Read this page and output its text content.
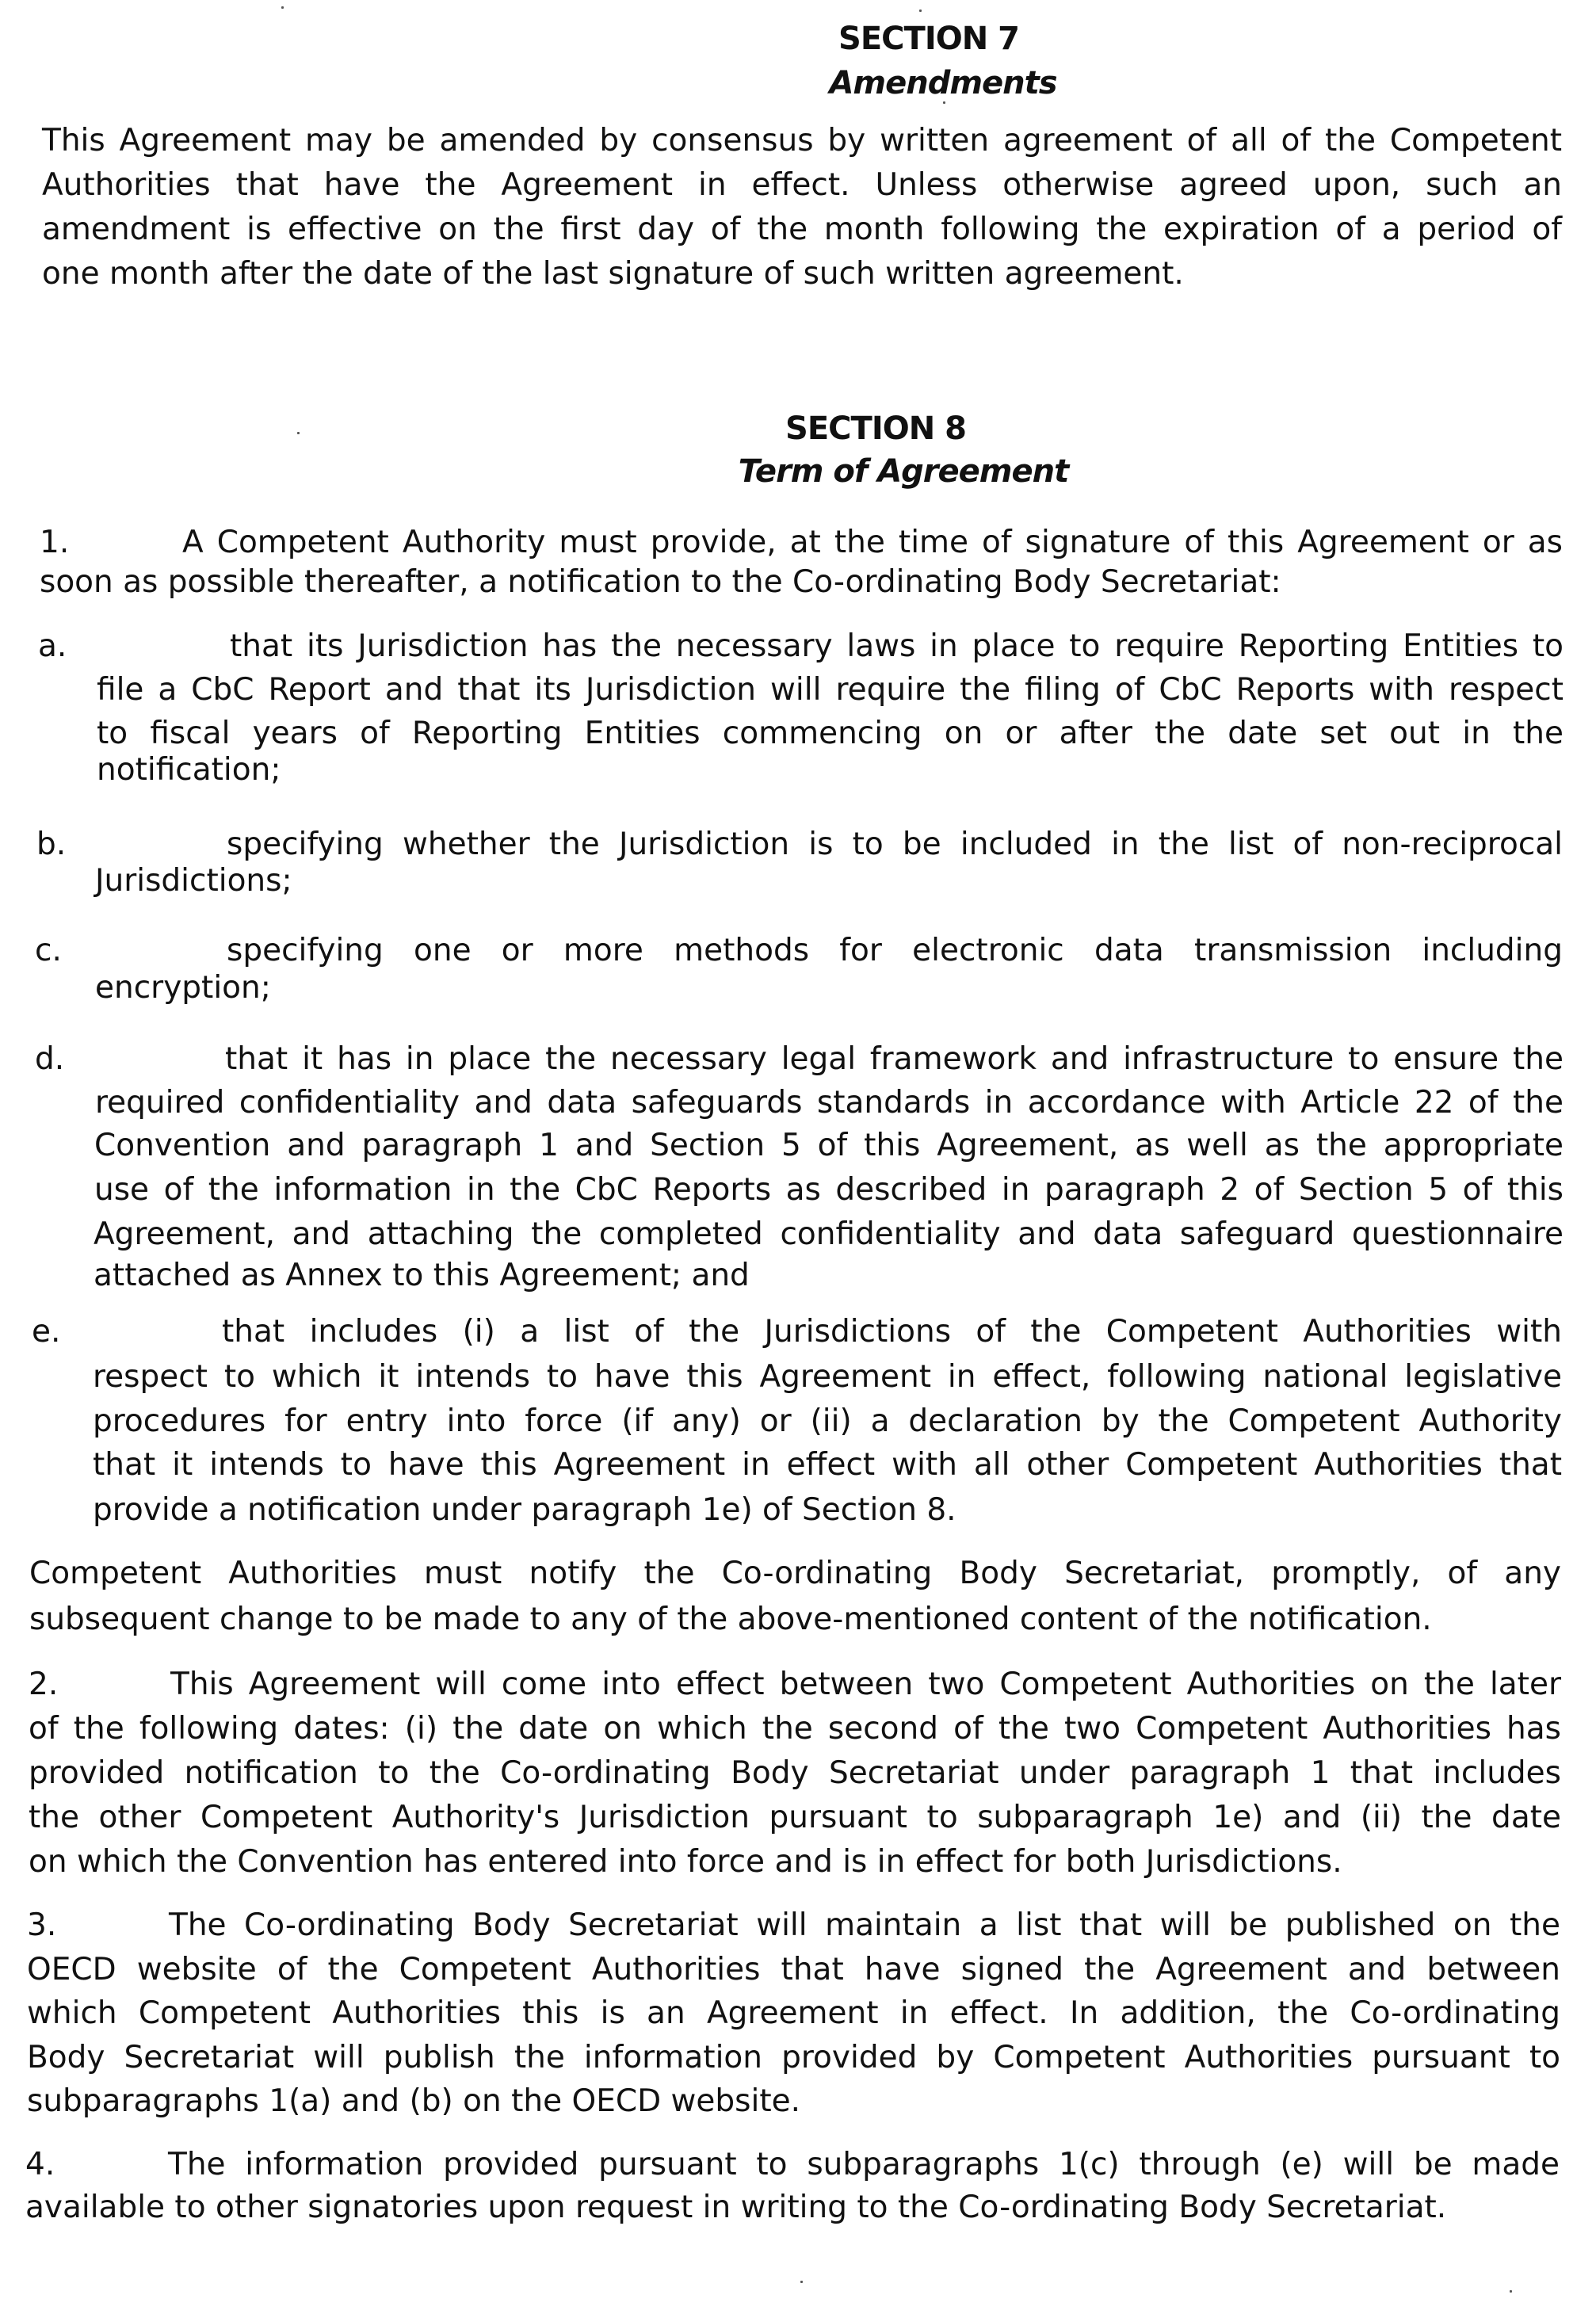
SECTION 7
Amendments
This Agreement may be amended by consensus by written agreement of all of the Competent
Authorities that have the Agreement in effect. Unless otherwise agreed upon, such an
amendment is effective on the first day of the month following the expiration of a period of
one month after the date of the last signature of such written agreement.
SECTION 8
Term of Agreement
1.	A Competent Authority must provide, at the time of signature of this Agreement or as
soon as possible thereafter, a notification to the Co-ordinating Body Secretariat:
a.	that its Jurisdiction has the necessary laws in place to require Reporting Entities to
file a CbC Report and that its Jurisdiction will require the filing of CbC Reports with respect
to fiscal years of Reporting Entities commencing on or after the date set out in the
notification;
b.	specifying whether the Jurisdiction is to be included in the list of non-reciprocal
Jurisdictions;
c.	specifying one or more methods for electronic data transmission including
encryption;
d.	that it has in place the necessary legal framework and infrastructure to ensure the
required confidentiality and data safeguards standards in accordance with Article 22 of the
Convention and paragraph 1 and Section 5 of this Agreement, as well as the appropriate
use of the information in the CbC Reports as described in paragraph 2 of Section 5 of this
Agreement, and attaching the completed confidentiality and data safeguard questionnaire
attached as Annex to this Agreement; and
e.	that includes (i) a list of the Jurisdictions of the Competent Authorities with
respect to which it intends to have this Agreement in effect, following national legislative
procedures for entry into force (if any) or (ii) a declaration by the Competent Authority
that it intends to have this Agreement in effect with all other Competent Authorities that
provide a notification under paragraph 1e) of Section 8.
Competent Authorities must notify the Co-ordinating Body Secretariat, promptly, of any
subsequent change to be made to any of the above-mentioned content of the notification.
2.	This Agreement will come into effect between two Competent Authorities on the later
of the following dates: (i) the date on which the second of the two Competent Authorities has
provided notification to the Co-ordinating Body Secretariat under paragraph 1 that includes
the other Competent Authority's Jurisdiction pursuant to subparagraph 1e) and (ii) the date
on which the Convention has entered into force and is in effect for both Jurisdictions.
3.	The Co-ordinating Body Secretariat will maintain a list that will be published on the
OECD website of the Competent Authorities that have signed the Agreement and between
which Competent Authorities this is an Agreement in effect. In addition, the Co-ordinating
Body Secretariat will publish the information provided by Competent Authorities pursuant to
subparagraphs 1(a) and (b) on the OECD website.
4.	The information provided pursuant to subparagraphs 1(c) through (e) will be made
available to other signatories upon request in writing to the Co-ordinating Body Secretariat.
